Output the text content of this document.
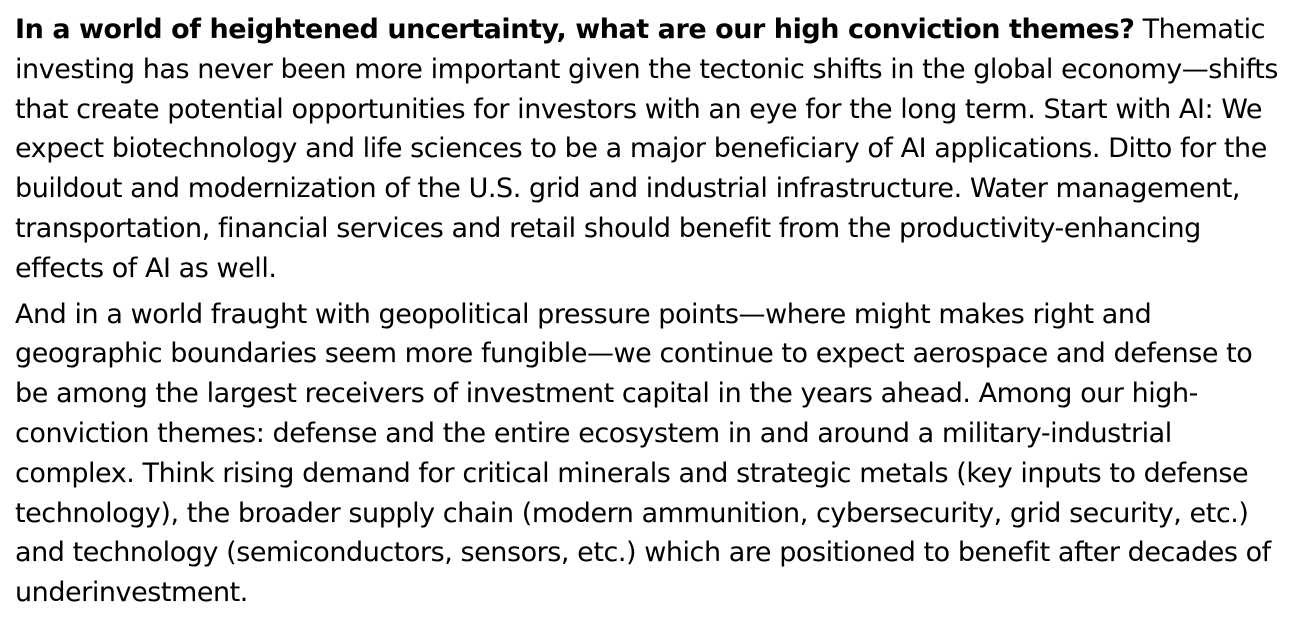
In a world of heightened uncertainty, what are our high conviction themes? Thematic investing has never been more important given the tectonic shifts in the global economy—shifts that create potential opportunities for investors with an eye for the long term. Start with AI: We expect biotechnology and life sciences to be a major beneficiary of AI applications. Ditto for the buildout and modernization of the U.S. grid and industrial infrastructure. Water management, transportation, financial services and retail should benefit from the productivity-enhancing effects of AI as well.

And in a world fraught with geopolitical pressure points—where might makes right and geographic boundaries seem more fungible—we continue to expect aerospace and defense to be among the largest receivers of investment capital in the years ahead. Among our high-conviction themes: defense and the entire ecosystem in and around a military-industrial complex. Think rising demand for critical minerals and strategic metals (key inputs to defense technology), the broader supply chain (modern ammunition, cybersecurity, grid security, etc.) and technology (semiconductors, sensors, etc.) which are positioned to benefit after decades of underinvestment.
